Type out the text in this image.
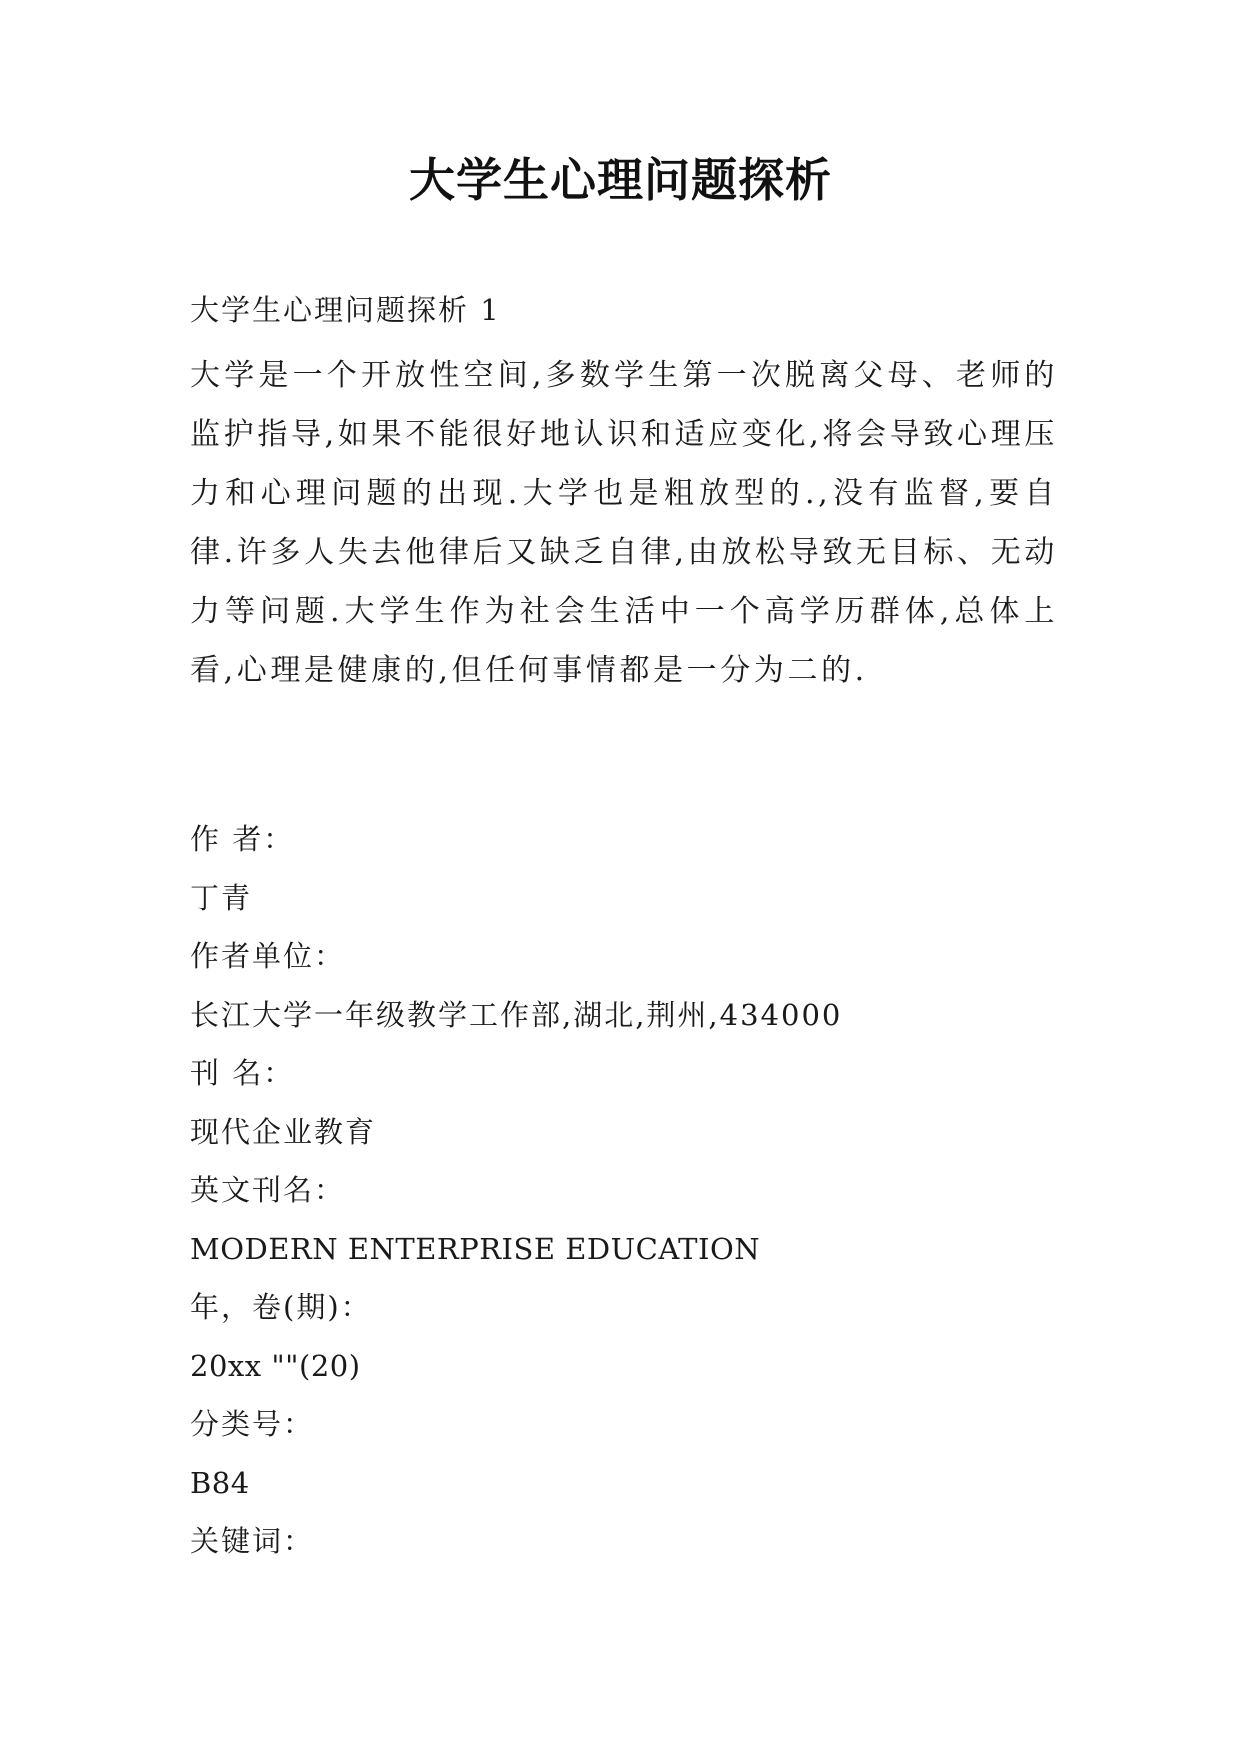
大学生心理问题探析
大学生心理问题探析 1
大学是一个开放性空间,多数学生第一次脱离父母、老师的监护指导,如果不能很好地认识和适应变化,将会导致心理压力和心理问题的出现.大学也是粗放型的.,没有监督,要自律.许多人失去他律后又缺乏自律,由放松导致无目标、无动力等问题.大学生作为社会生活中一个高学历群体,总体上看,心理是健康的,但任何事情都是一分为二的.
作 者：
丁青
作者单位：
长江大学一年级教学工作部,湖北,荆州,434000
刊 名：
现代企业教育
英文刊名：
MODERN ENTERPRISE EDUCATION
年，卷(期)：
20xx ""(20)
分类号：
B84
关键词：
